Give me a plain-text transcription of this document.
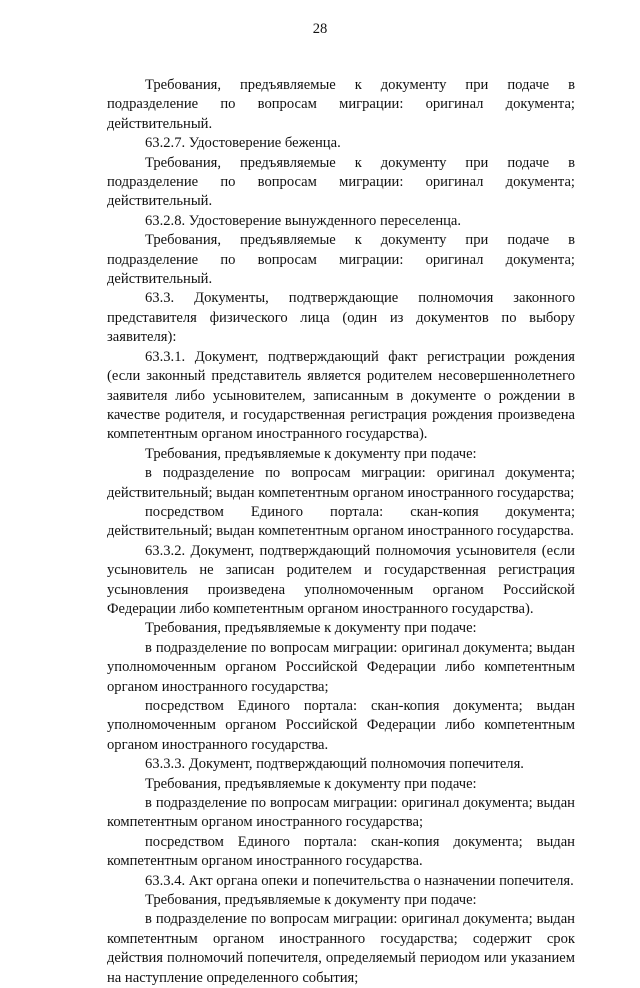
28

Требования, предъявляемые к документу при подаче в подразделение по вопросам миграции: оригинал документа; действительный.

63.2.7. Удостоверение беженца.

Требования, предъявляемые к документу при подаче в подразделение по вопросам миграции: оригинал документа; действительный.

63.2.8. Удостоверение вынужденного переселенца.

Требования, предъявляемые к документу при подаче в подразделение по вопросам миграции: оригинал документа; действительный.

63.3. Документы, подтверждающие полномочия законного представителя физического лица (один из документов по выбору заявителя):

63.3.1. Документ, подтверждающий факт регистрации рождения (если законный представитель является родителем несовершеннолетнего заявителя либо усыновителем, записанным в документе о рождении в качестве родителя, и государственная регистрация рождения произведена компетентным органом иностранного государства).

Требования, предъявляемые к документу при подаче:

в подразделение по вопросам миграции: оригинал документа; действительный; выдан компетентным органом иностранного государства;

посредством Единого портала: скан-копия документа; действительный; выдан компетентным органом иностранного государства.

63.3.2. Документ, подтверждающий полномочия усыновителя (если усыновитель не записан родителем и государственная регистрация усыновления произведена уполномоченным органом Российской Федерации либо компетентным органом иностранного государства).

Требования, предъявляемые к документу при подаче:

в подразделение по вопросам миграции: оригинал документа; выдан уполномоченным органом Российской Федерации либо компетентным органом иностранного государства;

посредством Единого портала: скан-копия документа; выдан уполномоченным органом Российской Федерации либо компетентным органом иностранного государства.

63.3.3. Документ, подтверждающий полномочия попечителя.

Требования, предъявляемые к документу при подаче:

в подразделение по вопросам миграции: оригинал документа; выдан компетентным органом иностранного государства;

посредством Единого портала: скан-копия документа; выдан компетентным органом иностранного государства.

63.3.4. Акт органа опеки и попечительства о назначении попечителя.

Требования, предъявляемые к документу при подаче:

в подразделение по вопросам миграции: оригинал документа; выдан компетентным органом иностранного государства; содержит срок действия полномочий попечителя, определяемый периодом или указанием на наступление определенного события;
